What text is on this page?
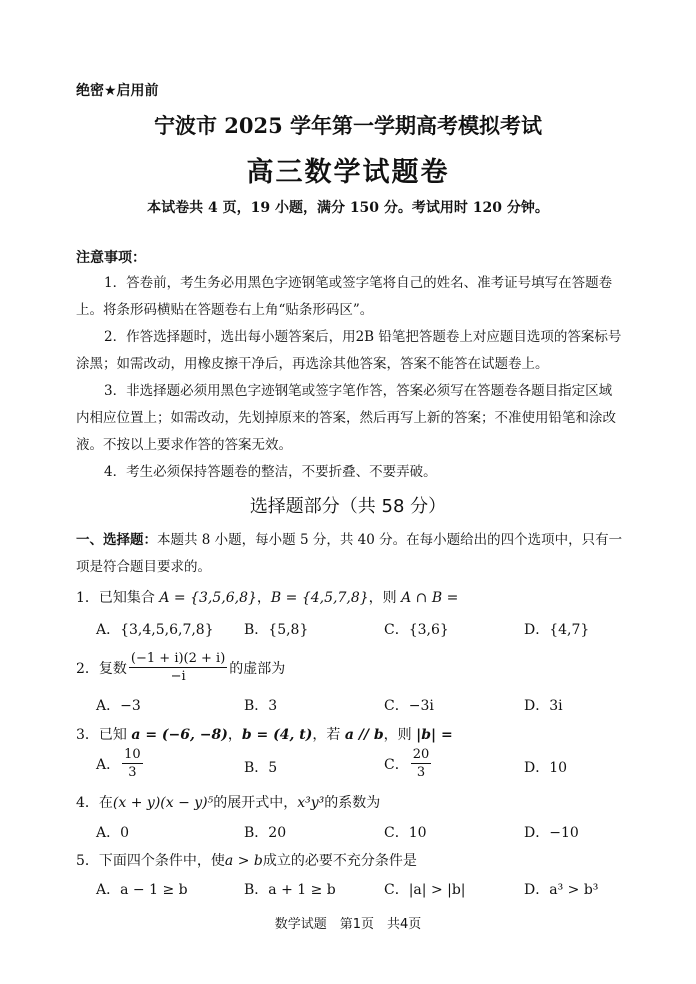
绝密★启用前
宁波市 2025 学年第一学期高考模拟考试
高三数学试题卷
本试卷共 4 页，19 小题，满分 150 分。考试用时 120 分钟。
注意事项：
1．答卷前，考生务必用黑色字迹钢笔或签字笔将自己的姓名、准考证号填写在答题卷上。将条形码横贴在答题卷右上角“贴条形码区”。
2．作答选择题时，选出每小题答案后，用2B 铅笔把答题卷上对应题目选项的答案标号涂黑；如需改动，用橡皮擦干净后，再选涂其他答案，答案不能答在试题卷上。
3．非选择题必须用黑色字迹钢笔或签字笔作答，答案必须写在答题卷各题目指定区域内相应位置上；如需改动，先划掉原来的答案，然后再写上新的答案；不准使用铅笔和涂改液。不按以上要求作答的答案无效。
4．考生必须保持答题卷的整洁，不要折叠、不要弄破。
选择题部分（共 58 分）
一、选择题：本题共 8 小题，每小题 5 分，共 40 分。在每小题给出的四个选项中，只有一项是符合题目要求的。
1．已知集合 A = {3,5,6,8}，B = {4,5,7,8}，则 A ∩ B =
A．{3,4,5,6,7,8} B．{5,8}	C．{3,6}	D．{4,7}
2． 复数 $\frac{(-1 + i)(2 + i)}{-i}$ 的虚部为
A．−3	B．3	C．−3i	D．3i
3．已知 a = (−6, −8)，b = (4, t)，若 a // b，则 |b| =
A． $\frac{10}{3}$	B．5	C． $\frac{20}{3}$	D．10
4．在(x + y)(x − y)⁵的展开式中，x³y³的系数为
A．0	B．20	C．10	D．−10
5．下面四个条件中，使a > b成立的必要不充分条件是
A．a − 1 ≥ b	B．a + 1 ≥ b	C．|a| > |b|	D．a³ > b³
数学试题　第1页　共4页
